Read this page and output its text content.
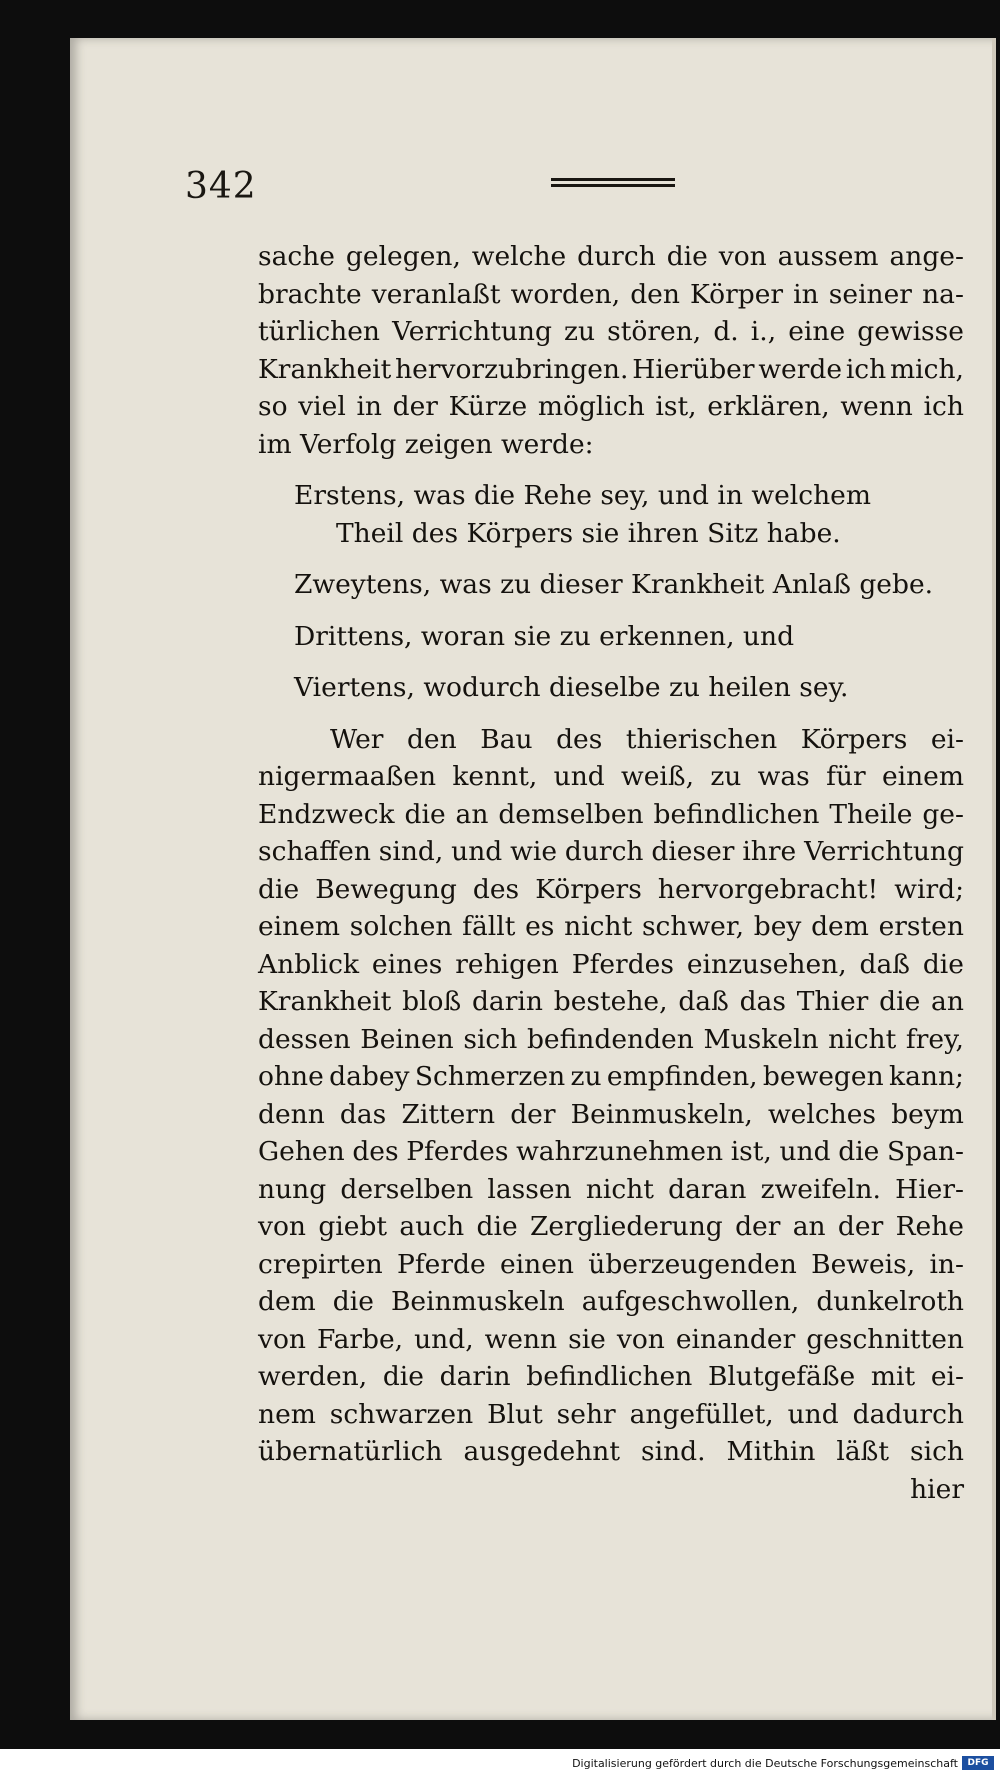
342
sache gelegen, welche durch die von aussem ange-
brachte veranlaßt worden, den Körper in seiner na-
türlichen Verrichtung zu stören, d. i., eine gewisse
Krankheit hervorzubringen. Hierüber werde ich mich,
so viel in der Kürze möglich ist, erklären, wenn ich
im Verfolg zeigen werde:
Erstens, was die Rehe sey, und in welchem
Theil des Körpers sie ihren Sitz habe.
Zweytens, was zu dieser Krankheit Anlaß gebe.
Drittens, woran sie zu erkennen, und
Viertens, wodurch dieselbe zu heilen sey.
Wer den Bau des thierischen Körpers ei-
nigermaaßen kennt, und weiß, zu was für einem
Endzweck die an demselben befindlichen Theile ge-
schaffen sind, und wie durch dieser ihre Verrichtung
die Bewegung des Körpers hervorgebracht! wird;
einem solchen fällt es nicht schwer, bey dem ersten
Anblick eines rehigen Pferdes einzusehen, daß die
Krankheit bloß darin bestehe, daß das Thier die an
dessen Beinen sich befindenden Muskeln nicht frey,
ohne dabey Schmerzen zu empfinden, bewegen kann;
denn das Zittern der Beinmuskeln, welches beym
Gehen des Pferdes wahrzunehmen ist, und die Span-
nung derselben lassen nicht daran zweifeln. Hier-
von giebt auch die Zergliederung der an der Rehe
crepirten Pferde einen überzeugenden Beweis, in-
dem die Beinmuskeln aufgeschwollen, dunkelroth
von Farbe, und, wenn sie von einander geschnitten
werden, die darin befindlichen Blutgefäße mit ei-
nem schwarzen Blut sehr angefüllet, und dadurch
übernatürlich ausgedehnt sind. Mithin läßt sich
hier
Digitalisierung gefördert durch die Deutsche Forschungsgemeinschaft	DFG
